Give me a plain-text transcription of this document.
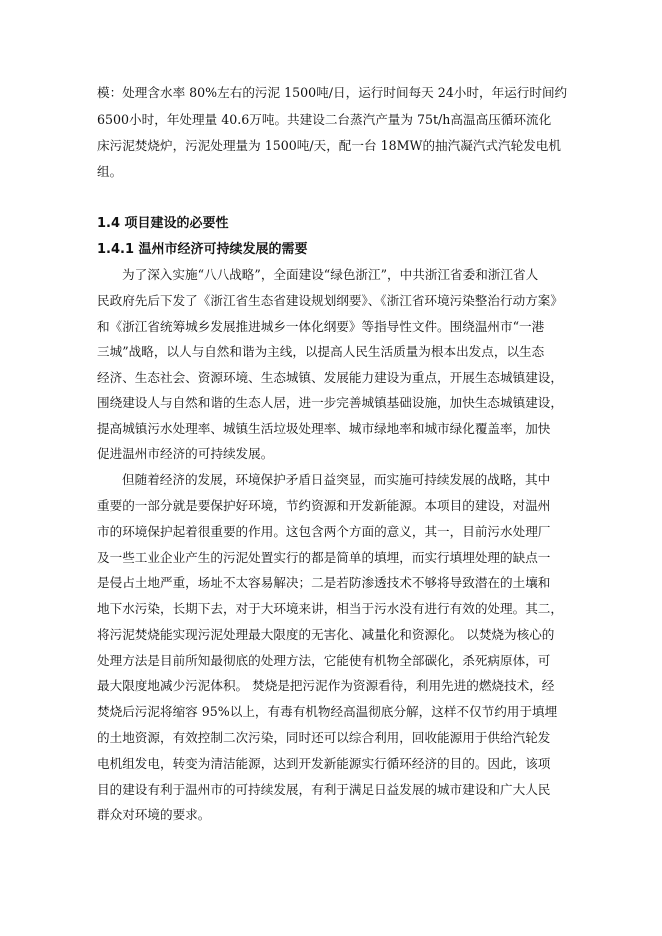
模：处理含水率 80%左右的污泥 1500吨/日，运行时间每天 24小时，年运行时间约

6500小时，年处理量 40.6万吨。共建设二台蒸汽产量为 75t/h高温高压循环流化

床污泥焚烧炉，污泥处理量为 1500吨/天，配一台 18MW的抽汽凝汽式汽轮发电机

组。

1.4 项目建设的必要性

1.4.1 温州市经济可持续发展的需要

为了深入实施“八八战略”，全面建设“绿色浙江”，中共浙江省委和浙江省人

民政府先后下发了《浙江省生态省建设规划纲要》、《浙江省环境污染整治行动方案》

和《浙江省统筹城乡发展推进城乡一体化纲要》等指导性文件。围绕温州市“一港

三城”战略，以人与自然和谐为主线，以提高人民生活质量为根本出发点，以生态

经济、生态社会、资源环境、生态城镇、发展能力建设为重点，开展生态城镇建设，

围绕建设人与自然和谐的生态人居，进一步完善城镇基础设施，加快生态城镇建设，

提高城镇污水处理率、城镇生活垃圾处理率、城市绿地率和城市绿化覆盖率，加快

促进温州市经济的可持续发展。

但随着经济的发展，环境保护矛盾日益突显，而实施可持续发展的战略，其中

重要的一部分就是要保护好环境，节约资源和开发新能源。本项目的建设，对温州

市的环境保护起着很重要的作用。这包含两个方面的意义，其一，目前污水处理厂

及一些工业企业产生的污泥处置实行的都是简单的填埋，而实行填埋处理的缺点一

是侵占土地严重，场址不太容易解决；二是若防渗透技术不够将导致潜在的土壤和

地下水污染，长期下去，对于大环境来讲，相当于污水没有进行有效的处理。其二，

将污泥焚烧能实现污泥处理最大限度的无害化、减量化和资源化。 以焚烧为核心的

处理方法是目前所知最彻底的处理方法，它能使有机物全部碳化，杀死病原体，可

最大限度地减少污泥体积。 焚烧是把污泥作为资源看待，利用先进的燃烧技术，经

焚烧后污泥将缩容 95%以上，有毒有机物经高温彻底分解，这样不仅节约用于填埋

的土地资源，有效控制二次污染，同时还可以综合利用，回收能源用于供给汽轮发

电机组发电，转变为清洁能源，达到开发新能源实行循环经济的目的。因此，该项

目的建设有利于温州市的可持续发展，有利于满足日益发展的城市建设和广大人民

群众对环境的要求。
